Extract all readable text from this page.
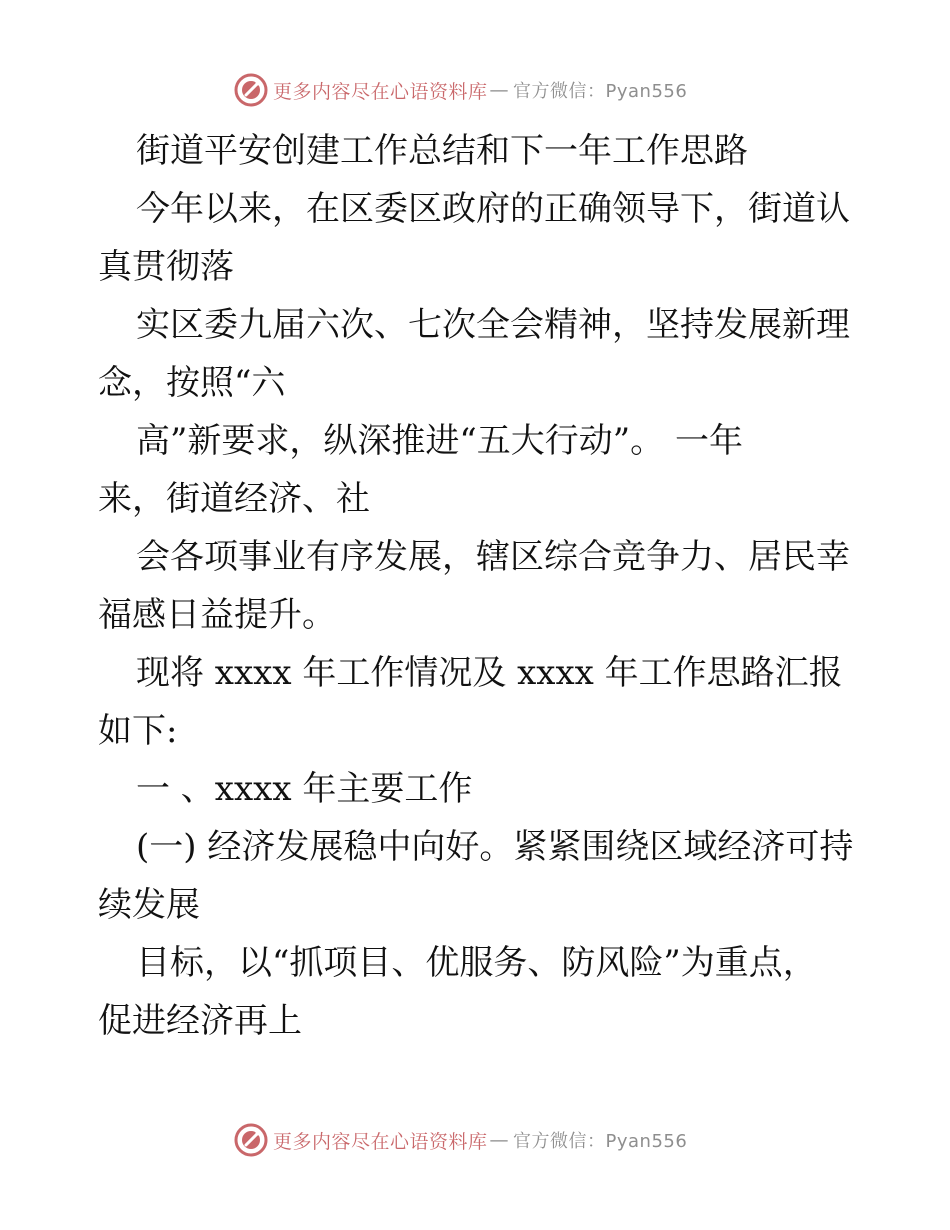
更多内容尽在心语资料库 — 官方微信：Pyan556

街道平安创建工作总结和下一年工作思路

今年以来，在区委区政府的正确领导下，街道认

真贯彻落

实区委九届六次、七次全会精神，坚持发展新理

念，按照“六

高”新要求，纵深推进“五大行动”。 一年

来，街道经济、社

会各项事业有序发展，辖区综合竞争力、居民幸

福感日益提升。

现将 xxxx 年工作情况及 xxxx 年工作思路汇报

如下:

一 、xxxx 年主要工作

(一) 经济发展稳中向好。紧紧围绕区域经济可持

续发展

目标，以“抓项目、优服务、防风险”为重点，

促进经济再上

更多内容尽在心语资料库 — 官方微信：Pyan556
